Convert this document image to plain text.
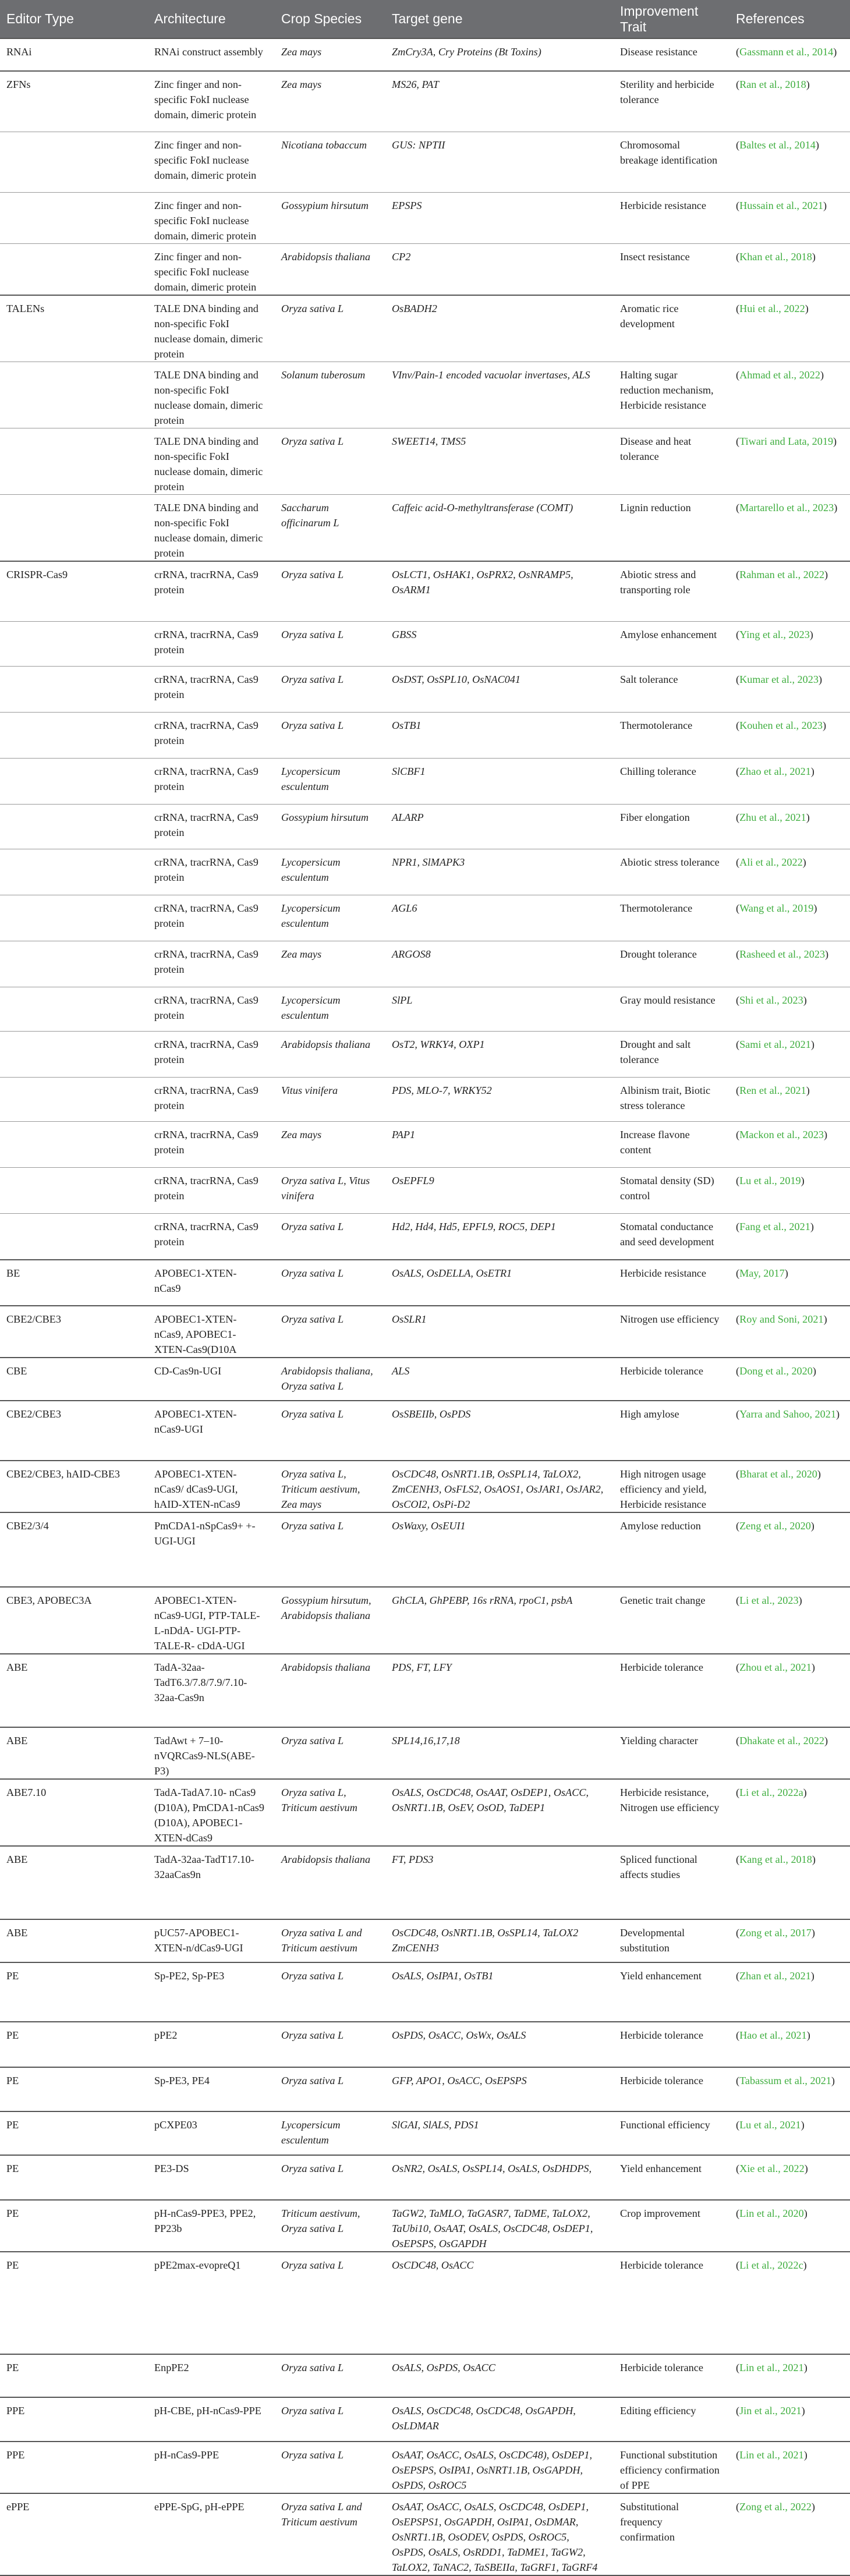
Editor Type	Architecture	Crop Species	Target gene	Improvement Trait	References
RNAi	RNAi construct assembly	Zea mays	ZmCry3A, Cry Proteins (Bt Toxins)	Disease resistance	(Gassmann et al., 2014)
ZFNs	Zinc finger and non-specific FokI nuclease domain, dimeric protein	Zea mays	MS26, PAT	Sterility and herbicide tolerance	(Ran et al., 2018)
	Zinc finger and non-specific FokI nuclease domain, dimeric protein	Nicotiana tobaccum	GUS: NPTII	Chromosomal breakage identification	(Baltes et al., 2014)
	Zinc finger and non-specific FokI nuclease domain, dimeric protein	Gossypium hirsutum	EPSPS	Herbicide resistance	(Hussain et al., 2021)
	Zinc finger and non-specific FokI nuclease domain, dimeric protein	Arabidopsis thaliana	CP2	Insect resistance	(Khan et al., 2018)
TALENs	TALE DNA binding and non-specific FokI nuclease domain, dimeric protein	Oryza sativa L	OsBADH2	Aromatic rice development	(Hui et al., 2022)
	TALE DNA binding and non-specific FokI nuclease domain, dimeric protein	Solanum tuberosum	VInv/Pain-1 encoded vacuolar invertases, ALS	Halting sugar reduction mechanism, Herbicide resistance	(Ahmad et al., 2022)
	TALE DNA binding and non-specific FokI nuclease domain, dimeric protein	Oryza sativa L	SWEET14, TMS5	Disease and heat tolerance	(Tiwari and Lata, 2019)
	TALE DNA binding and non-specific FokI nuclease domain, dimeric protein	Saccharum officinarum L	Caffeic acid-O-methyltransferase (COMT)	Lignin reduction	(Martarello et al., 2023)
CRISPR-Cas9	crRNA, tracrRNA, Cas9 protein	Oryza sativa L	OsLCT1, OsHAK1, OsPRX2, OsNRAMP5, OsARM1	Abiotic stress and transporting role	(Rahman et al., 2022)
	crRNA, tracrRNA, Cas9 protein	Oryza sativa L	GBSS	Amylose enhancement	(Ying et al., 2023)
	crRNA, tracrRNA, Cas9 protein	Oryza sativa L	OsDST, OsSPL10, OsNAC041	Salt tolerance	(Kumar et al., 2023)
	crRNA, tracrRNA, Cas9 protein	Oryza sativa L	OsTB1	Thermotolerance	(Kouhen et al., 2023)
	crRNA, tracrRNA, Cas9 protein	Lycopersicum esculentum	SlCBF1	Chilling tolerance	(Zhao et al., 2021)
	crRNA, tracrRNA, Cas9 protein	Gossypium hirsutum	ALARP	Fiber elongation	(Zhu et al., 2021)
	crRNA, tracrRNA, Cas9 protein	Lycopersicum esculentum	NPR1, SlMAPK3	Abiotic stress tolerance	(Ali et al., 2022)
	crRNA, tracrRNA, Cas9 protein	Lycopersicum esculentum	AGL6	Thermotolerance	(Wang et al., 2019)
	crRNA, tracrRNA, Cas9 protein	Zea mays	ARGOS8	Drought tolerance	(Rasheed et al., 2023)
	crRNA, tracrRNA, Cas9 protein	Lycopersicum esculentum	SlPL	Gray mould resistance	(Shi et al., 2023)
	crRNA, tracrRNA, Cas9 protein	Arabidopsis thaliana	OsT2, WRKY4, OXP1	Drought and salt tolerance	(Sami et al., 2021)
	crRNA, tracrRNA, Cas9 protein	Vitus vinifera	PDS, MLO-7, WRKY52	Albinism trait, Biotic stress tolerance	(Ren et al., 2021)
	crRNA, tracrRNA, Cas9 protein	Zea mays	PAP1	Increase flavone content	(Mackon et al., 2023)
	crRNA, tracrRNA, Cas9 protein	Oryza sativa L, Vitus vinifera	OsEPFL9	Stomatal density (SD) control	(Lu et al., 2019)
	crRNA, tracrRNA, Cas9 protein	Oryza sativa L	Hd2, Hd4, Hd5, EPFL9, ROC5, DEP1	Stomatal conductance and seed development	(Fang et al., 2021)
BE	APOBEC1-XTEN- nCas9	Oryza sativa L	OsALS, OsDELLA, OsETR1	Herbicide resistance	(May, 2017)
CBE2/CBE3	APOBEC1-XTEN- nCas9, APOBEC1-XTEN-Cas9(D10A	Oryza sativa L	OsSLR1	Nitrogen use efficiency	(Roy and Soni, 2021)
CBE	CD-Cas9n-UGI	Arabidopsis thaliana, Oryza sativa L	ALS	Herbicide tolerance	(Dong et al., 2020)
CBE2/CBE3	APOBEC1-XTEN-nCas9-UGI	Oryza sativa L	OsSBEIIb, OsPDS	High amylose	(Yarra and Sahoo, 2021)
CBE2/CBE3, hAID-CBE3	APOBEC1-XTEN- nCas9/ dCas9-UGI, hAID-XTEN-nCas9	Oryza sativa L, Triticum aestivum, Zea mays	OsCDC48, OsNRT1.1B, OsSPL14, TaLOX2, ZmCENH3, OsFLS2, OsAOS1, OsJAR1, OsJAR2, OsCOI2, OsPi-D2	High nitrogen usage efficiency and yield, Herbicide resistance	(Bharat et al., 2020)
CBE2/3/4	PmCDA1-nSpCas9+ +-UGI-UGI	Oryza sativa L	OsWaxy, OsEUI1	Amylose reduction	(Zeng et al., 2020)
CBE3, APOBEC3A	APOBEC1-XTEN- nCas9-UGI, PTP-TALE-L-nDdA- UGI-PTP-TALE-R- cDdA-UGI	Gossypium hirsutum, Arabidopsis thaliana	GhCLA, GhPEBP, 16s rRNA, rpoC1, psbA	Genetic trait change	(Li et al., 2023)
ABE	TadA-32aa-TadT6.3/7.8/7.9/7.10-32aa-Cas9n	Arabidopsis thaliana	PDS, FT, LFY	Herbicide tolerance	(Zhou et al., 2021)
ABE	TadAwt + 7–10-nVQRCas9-NLS(ABE-P3)	Oryza sativa L	SPL14,16,17,18	Yielding character	(Dhakate et al., 2022)
ABE7.10	TadA-TadA7.10- nCas9 (D10A), PmCDA1-nCas9 (D10A), APOBEC1-XTEN-dCas9	Oryza sativa L, Triticum aestivum	OsALS, OsCDC48, OsAAT, OsDEP1, OsACC, OsNRT1.1B, OsEV, OsOD, TaDEP1	Herbicide resistance, Nitrogen use efficiency	(Li et al., 2022a)
ABE	TadA-32aa-TadT17.10-32aaCas9n	Arabidopsis thaliana	FT, PDS3	Spliced functional affects studies	(Kang et al., 2018)
ABE	pUC57-APOBEC1-XTEN-n/dCas9-UGI	Oryza sativa L and Triticum aestivum	OsCDC48, OsNRT1.1B, OsSPL14, TaLOX2 ZmCENH3	Developmental substitution	(Zong et al., 2017)
PE	Sp-PE2, Sp-PE3	Oryza sativa L	OsALS, OsIPA1, OsTB1	Yield enhancement	(Zhan et al., 2021)
PE	pPE2	Oryza sativa L	OsPDS, OsACC, OsWx, OsALS	Herbicide tolerance	(Hao et al., 2021)
PE	Sp-PE3, PE4	Oryza sativa L	GFP, APO1, OsACC, OsEPSPS	Herbicide tolerance	(Tabassum et al., 2021)
PE	pCXPE03	Lycopersicum esculentum	SlGAI, SlALS, PDS1	Functional efficiency	(Lu et al., 2021)
PE	PE3-DS	Oryza sativa L	OsNR2, OsALS, OsSPL14, OsALS, OsDHDPS,	Yield enhancement	(Xie et al., 2022)
PE	pH-nCas9-PPE3, PPE2, PP23b	Triticum aestivum, Oryza sativa L	TaGW2, TaMLO, TaGASR7, TaDME, TaLOX2, TaUbi10, OsAAT, OsALS, OsCDC48, OsDEP1, OsEPSPS, OsGAPDH	Crop improvement	(Lin et al., 2020)
PE	pPE2max-evopreQ1	Oryza sativa L	OsCDC48, OsACC	Herbicide tolerance	(Li et al., 2022c)
PE	EnpPE2	Oryza sativa L	OsALS, OsPDS, OsACC	Herbicide tolerance	(Lin et al., 2021)
PPE	pH-CBE, pH-nCas9-PPE	Oryza sativa L	OsALS, OsCDC48, OsCDC48, OsGAPDH, OsLDMAR	Editing efficiency	(Jin et al., 2021)
PPE	pH-nCas9-PPE	Oryza sativa L	OsAAT, OsACC, OsALS, OsCDC48), OsDEP1, OsEPSPS, OsIPA1, OsNRT1.1B, OsGAPDH, OsPDS, OsROC5	Functional substitution efficiency confirmation of PPE	(Lin et al., 2021)
ePPE	ePPE-SpG, pH-ePPE	Oryza sativa L and Triticum aestivum	OsAAT, OsACC, OsALS, OsCDC48, OsDEP1, OsEPSPS1, OsGAPDH, OsIPA1, OsDMAR, OsNRT1.1B, OsODEV, OsPDS, OsROC5, OsPDS, OsALS, OsRDD1, TaDME1, TaGW2, TaLOX2, TaNAC2, TaSBEIIa, TaGRF1, TaGRF4	Substitutional frequency confirmation	(Zong et al., 2022)
